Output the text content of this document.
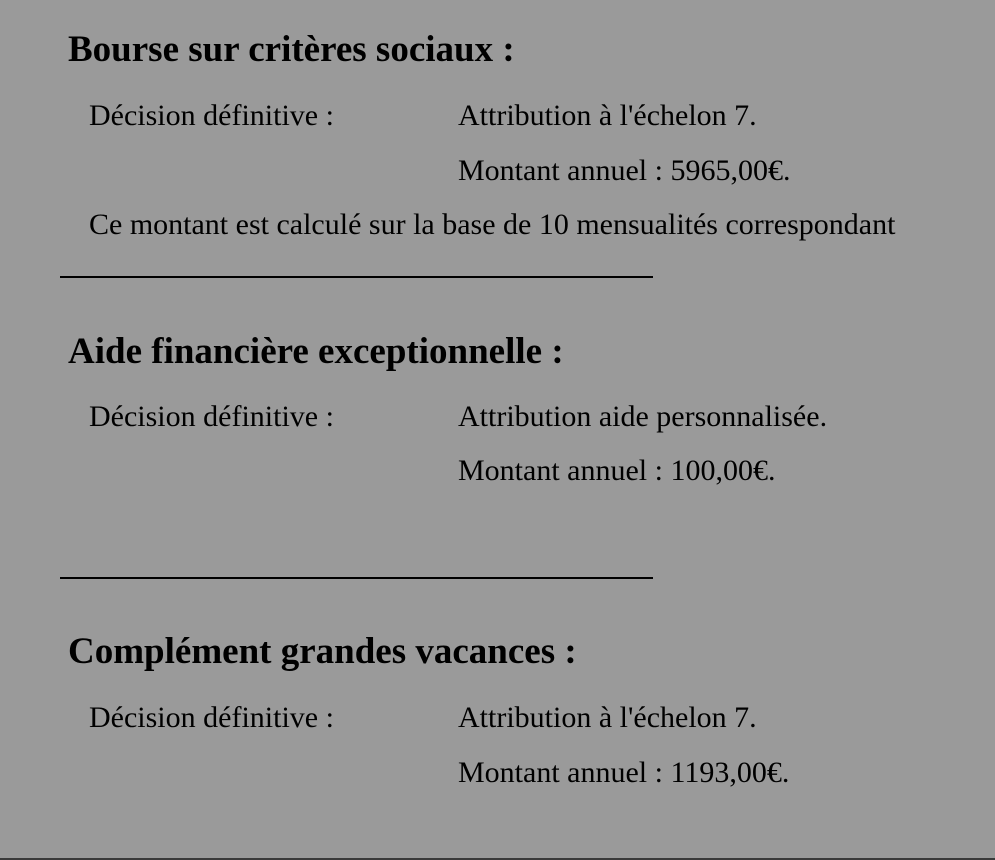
Bourse sur critères sociaux :
Décision définitive :	Attribution à l'échelon 7.
Montant annuel : 5965,00€.
Ce montant est calculé sur la base de 10 mensualités correspondant
Aide financière exceptionnelle :
Décision définitive :	Attribution aide personnalisée.
Montant annuel : 100,00€.
Complément grandes vacances :
Décision définitive :	Attribution à l'échelon 7.
Montant annuel : 1193,00€.
